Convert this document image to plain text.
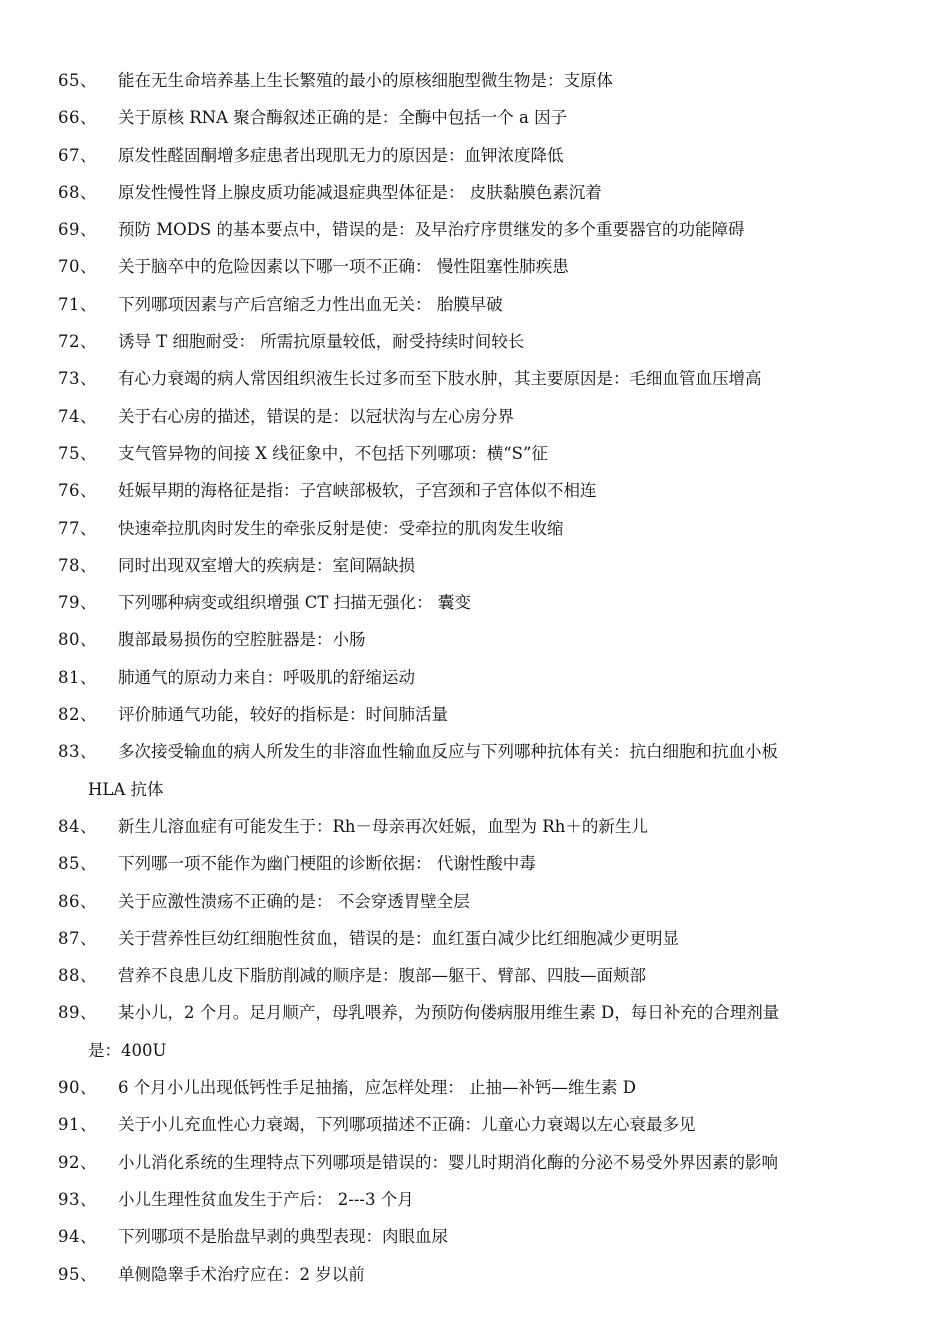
65、 能在无生命培养基上生长繁殖的最小的原核细胞型微生物是：支原体
66、 关于原核 RNA 聚合酶叙述正确的是：全酶中包括一个 a 因子
67、 原发性醛固酮增多症患者出现肌无力的原因是：血钾浓度降低
68、 原发性慢性肾上腺皮质功能减退症典型体征是： 皮肤黏膜色素沉着
69、 预防 MODS 的基本要点中，错误的是：及早治疗序贯继发的多个重要器官的功能障碍
70、 关于脑卒中的危险因素以下哪一项不正确： 慢性阻塞性肺疾患
71、 下列哪项因素与产后宫缩乏力性出血无关： 胎膜早破
72、 诱导 T 细胞耐受： 所需抗原量较低，耐受持续时间较长
73、 有心力衰竭的病人常因组织液生长过多而至下肢水肿，其主要原因是：毛细血管血压增高
74、 关于右心房的描述，错误的是：以冠状沟与左心房分界
75、 支气管异物的间接 X 线征象中，不包括下列哪项：横“S”征
76、 妊娠早期的海格征是指：子宫峡部极软，子宫颈和子宫体似不相连
77、 快速牵拉肌肉时发生的牵张反射是使：受牵拉的肌肉发生收缩
78、 同时出现双室增大的疾病是：室间隔缺损
79、 下列哪种病变或组织增强 CT 扫描无强化： 囊变
80、 腹部最易损伤的空腔脏器是：小肠
81、 肺通气的原动力来自：呼吸肌的舒缩运动
82、 评价肺通气功能，较好的指标是：时间肺活量
83、 多次接受输血的病人所发生的非溶血性输血反应与下列哪种抗体有关：抗白细胞和抗血小板
HLA 抗体
84、 新生儿溶血症有可能发生于：Rh－母亲再次妊娠，血型为 Rh＋的新生儿
85、 下列哪一项不能作为幽门梗阻的诊断依据： 代谢性酸中毒
86、 关于应激性溃疡不正确的是： 不会穿透胃壁全层
87、 关于营养性巨幼红细胞性贫血，错误的是：血红蛋白减少比红细胞减少更明显
88、 营养不良患儿皮下脂肪削减的顺序是：腹部—躯干、臂部、四肢—面颊部
89、 某小儿，2 个月。足月顺产，母乳喂养，为预防佝偻病服用维生素 D，每日补充的合理剂量
是：400U
90、 6 个月小儿出现低钙性手足抽搐，应怎样处理： 止抽—补钙—维生素 D
91、 关于小儿充血性心力衰竭，下列哪项描述不正确：儿童心力衰竭以左心衰最多见
92、 小儿消化系统的生理特点下列哪项是错误的：婴儿时期消化酶的分泌不易受外界因素的影响
93、 小儿生理性贫血发生于产后： 2---3 个月
94、 下列哪项不是胎盘早剥的典型表现：肉眼血尿
95、 单侧隐睾手术治疗应在：2 岁以前
